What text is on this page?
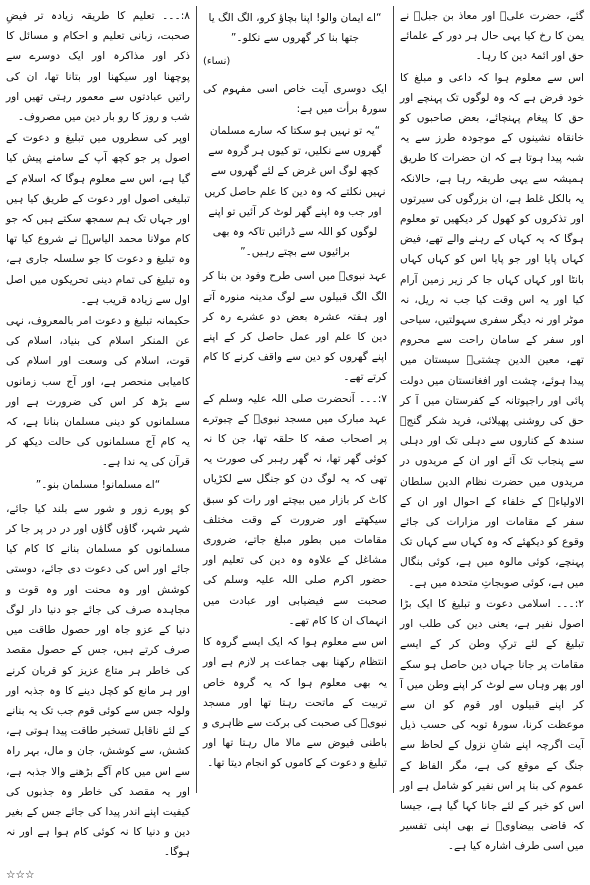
گئے، حضرت علیؓ اور معاذ بن جبلؓ نے یمن کا رخ کیا یہی حال ہر دور کے علمائے حق اور ائمۂ دین کا رہا۔

اس سے معلوم ہوا کہ داعی و مبلغ کا خود فرض ہے کہ وہ لوگوں تک پہنچے اور حق کا پیغام پہنچائے، بعض صاحبوں کو خانقاہ نشینوں کے موجودہ طرز سے یہ شبہ پیدا ہوتا ہے کہ ان حضرات کا طریق ہمیشہ سے یہی طریقہ رہا ہے، حالانکہ یہ بالکل غلط ہے، ان بزرگوں کی سیرتوں اور تذکروں کو کھول کر دیکھیں تو معلوم ہوگا کہ یہ کہاں کے رہنے والے تھے، فیض کہاں پایا اور جو پایا اس کو کہاں کہاں بانٹا اور کہاں کہاں جا کر زیر زمین آرام کیا اور یہ اس وقت کیا جب نہ ریل، نہ موٹر اور نہ دیگر سفری سہولتیں، سیاحی اور سفر کے سامان راحت سے محروم تھے، معین الدین چشتیؒ سیستان میں پیدا ہوئے، چشت اور افغانستان میں دولت پائی اور راجپوتانہ کے کفرستان میں آ کر حق کی روشنی پھیلائی، فرید شکر گنجؒ سندھ کے کناروں سے دہلی تک اور دہلی سے پنجاب تک آئے اور ان کے مریدوں در مریدوں میں حضرت نظام الدین سلطان الاولیاءؒ کے خلفاء کے احوال اور ان کے سفر کے مقامات اور مزارات کی جائے وقوع کو دیکھئے کہ وہ کہاں سے کہاں تک پہنچے، کوئی مالوہ میں ہے، کوئی بنگال میں ہے، کوئی صوبجاتِ متحدہ میں ہے۔

۲:۔۔۔ اسلامی دعوت و تبلیغ کا ایک بڑا اصول نفیر ہے، یعنی دین کی طلب اور تبلیغ کے لئے ترکِ وطن کر کے ایسے مقامات پر جانا جہاں دین حاصل ہو سکے اور پھر وہاں سے لوٹ کر اپنے وطن میں آ کر اپنے قبیلوں اور قوم کو ان سے موعظت کرنا، سورۂ توبہ کی حسب ذیل آیت اگرچہ اپنے شانِ نزول کے لحاظ سے جنگ کے موقع کی ہے، مگر الفاظ کے عموم کی بنا پر اس نفیر کو شامل ہے اور اس کو خیر کے لئے جانا کہا گیا ہے، جیسا کہ قاضی بیضاویؒ نے بھی اپنی تفسیر میں اسی طرف اشارہ کیا ہے۔

“اے ایمان والو! اپنا بچاؤ کرو، الگ الگ یا جتھا بنا کر گھروں سے نکلو۔”

(نساء)

ایک دوسری آیت خاص اسی مفہوم کی سورۂ برأت میں ہے:

“یہ تو نہیں ہو سکتا کہ سارے مسلمان گھروں سے نکلیں، تو کیوں ہر گروہ سے کچھ لوگ اس غرض کے لئے گھروں سے نہیں نکلتے کہ وہ دین کا علم حاصل کریں اور جب وہ اپنے گھر لوٹ کر آئیں تو اپنے لوگوں کو اللہ سے ڈرائیں تاکہ وہ بھی برائیوں سے بچتے رہیں۔”

عہد نبویؐ میں اسی طرح وفود بن بنا کر الگ الگ قبیلوں سے لوگ مدینہ منورہ آتے اور ہفتہ عشرہ بعض دو عشرے رہ کر دین کا علم اور عمل حاصل کر کے اپنے اپنے گھروں کو دین سے واقف کرنے کا کام کرتے تھے۔

۷:۔۔۔ آنحضرت صلی اللہ علیہ وسلم کے عہد مبارک میں مسجد نبویؐ کے چبوترے پر اصحاب صفہ کا حلقہ تھا، جن کا نہ کوئی گھر تھا، نہ گھر رہبر کی صورت یہ تھی کہ یہ لوگ دن کو جنگل سے لکڑیاں کاٹ کر بازار میں بیچتے اور رات کو سبق سیکھتے اور ضرورت کے وقت مختلف مقامات میں بطور مبلغ جاتے، ضروری مشاغل کے علاوہ وہ دین کی تعلیم اور حضور اکرم صلی اللہ علیہ وسلم کی صحبت سے فیضیابی اور عبادت میں انہماک ان کا کام تھے۔

اس سے معلوم ہوا کہ ایک ایسے گروہ کا انتظام رکھنا بھی جماعت پر لازم ہے اور یہ بھی معلوم ہوا کہ یہ گروہ خاص تربیت کے ماتحت رہتا تھا اور مسجد نبویؐ کی صحبت کی برکت سے ظاہری و باطنی فیوض سے مالا مال رہتا تھا اور تبلیغ و دعوت کے کاموں کو انجام دیتا تھا۔

۸:۔۔۔ تعلیم کا طریقہ زیادہ تر فیضِ صحبت، زبانی تعلیم و احکام و مسائل کا ذکر اور مذاکرہ اور ایک دوسرے سے پوچھنا اور سیکھنا اور بتانا تھا، ان کی راتیں عبادتوں سے معمور رہتی تھیں اور شب و روز کا رو بار دین میں مصروف۔

اوپر کی سطروں میں تبلیغ و دعوت کے اصول پر جو کچھ آپ کے سامنے پیش کیا گیا ہے، اس سے معلوم ہوگا کہ اسلام کے تبلیغی اصول اور دعوت کے طریق کیا ہیں اور جہاں تک ہم سمجھ سکتے ہیں کہ جو کام مولانا محمد الیاسؒ نے شروع کیا تھا وہ تبلیغ و دعوت کا جو سلسلہ جاری ہے، وہ تبلیغ کی تمام دینی تحریکوں میں اصل اول سے زیادہ قریب ہے۔

حکیمانہ تبلیغ و دعوت امر بالمعروف، نہی عن المنکر اسلام کی بنیاد، اسلام کی قوت، اسلام کی وسعت اور اسلام کی کامیابی منحصر ہے، اور آج سب زمانوں سے بڑھ کر اس کی ضرورت ہے اور مسلمانوں کو دینی مسلمان بنانا ہے، کہ یہ کام آج مسلمانوں کی حالت دیکھ کر قرآن کی یہ ندا ہے۔

“اے مسلمانو! مسلمان بنو۔”

کو پورے زور و شور سے بلند کیا جائے، شہر شہر، گاؤں گاؤں اور در در پر جا کر مسلمانوں کو مسلمان بنانے کا کام کیا جائے اور اس کی دعوت دی جائے، دوستی کوشش اور وہ محنت اور وہ قوت و مجاہدہ صرف کی جائے جو دنیا دار لوگ دنیا کے عزو جاہ اور حصول طاقت میں صرف کرتے ہیں، جس کے حصول مقصد کی خاطر ہر متاع عزیز کو قربان کرنے اور ہر مانع کو کچل دینے کا وہ جذبہ اور ولولہ جس سے کوئی قوم جب تک یہ بنانے کے لئے ناقابل تسخیر طاقت پیدا ہوتی ہے، کشش، سے کوشش، جان و مال، بہر راہ سے اس میں کام آگے بڑھنے والا جذبہ ہے، اور یہ مقصد کی خاطر وہ جذبوں کی کیفیت اپنے اندر پیدا کی جائے جس کے بغیر دین و دنیا کا نہ کوئی کام ہوا ہے اور نہ ہوگا۔

☆☆☆
